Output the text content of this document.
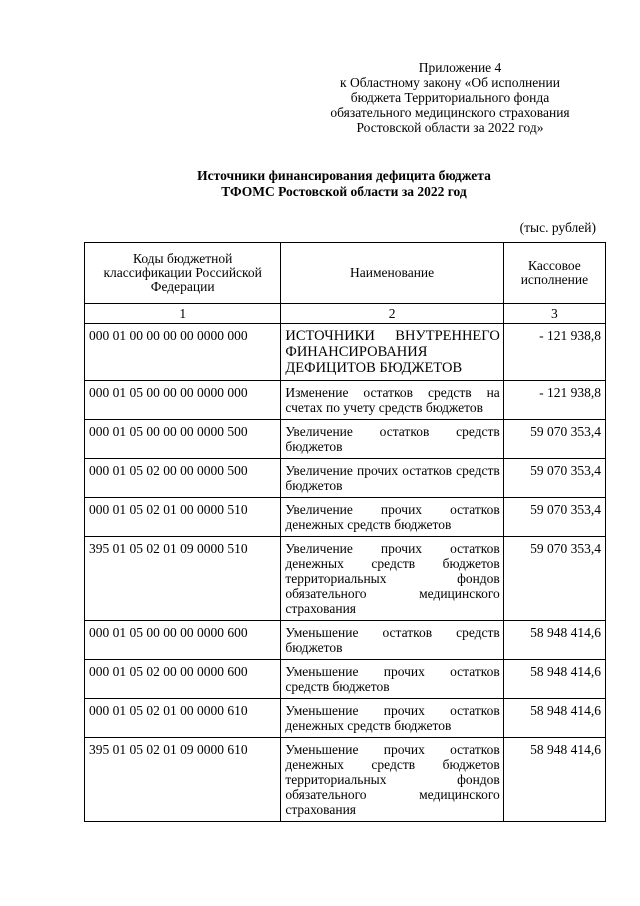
Приложение 4
к Областному закону «Об исполнении
бюджета Территориального фонда
обязательного медицинского страхования
Ростовской области за 2022 год»
Источники финансирования дефицита бюджета
ТФОМС Ростовской области за 2022 год
(тыс. рублей)
Коды бюджетной классификации Российской Федерации	Наименование	Кассовое исполнение
1	2	3
000 01 00 00 00 00 0000 000	ИСТОЧНИКИ ВНУТРЕННЕГО ФИНАНСИРОВАНИЯ ДЕФИЦИТОВ БЮДЖЕТОВ	- 121 938,8
000 01 05 00 00 00 0000 000	Изменение остатков средств на счетах по учету средств бюджетов	- 121 938,8
000 01 05 00 00 00 0000 500	Увеличение остатков средств бюджетов	59 070 353,4
000 01 05 02 00 00 0000 500	Увеличение прочих остатков средств бюджетов	59 070 353,4
000 01 05 02 01 00 0000 510	Увеличение прочих остатков денежных средств бюджетов	59 070 353,4
395 01 05 02 01 09 0000 510	Увеличение прочих остатков денежных средств бюджетов территориальных фондов обязательного медицинского страхования	59 070 353,4
000 01 05 00 00 00 0000 600	Уменьшение остатков средств бюджетов	58 948 414,6
000 01 05 02 00 00 0000 600	Уменьшение прочих остатков средств бюджетов	58 948 414,6
000 01 05 02 01 00 0000 610	Уменьшение прочих остатков денежных средств бюджетов	58 948 414,6
395 01 05 02 01 09 0000 610	Уменьшение прочих остатков денежных средств бюджетов территориальных фондов обязательного медицинского страхования	58 948 414,6
